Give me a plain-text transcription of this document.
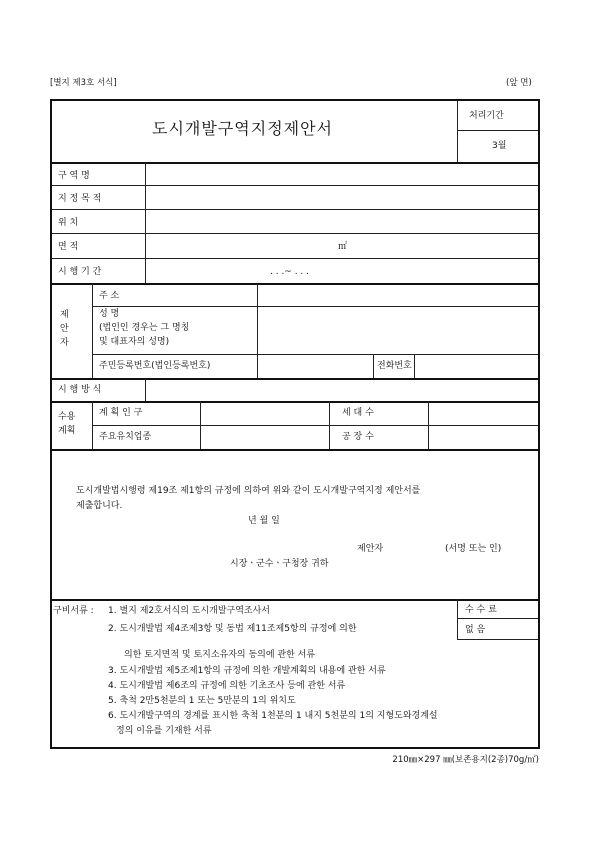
[별지 제3호 서식]	(앞 면)
도시개발구역지정제안서
처리기간
3월
구 역 명
지 정 목 적
위 치
면 적	㎡
시 행 기 간	. . .~ . . .
제
안
자
주 소
성 명
(법인인 경우는 그 명칭
및 대표자의 성명)
주민등록번호(법인등록번호)	전화번호
시 행 방 식
수용
계획
계 획 인 구	세 대 수
주요유치업종	공 장 수
도시개발법시행령 제19조 제1항의 규정에 의하여 위와 같이 도시개발구역지정 제안서를
제출합니다.
년 월 일
제안자	(서명 또는 인)
시장ㆍ군수ㆍ구청장 귀하
구비서류 : 1. 별지 제2호서식의 도시개발구역조사서
2. 도시개발법 제4조제3항 및 동법 제11조제5항의 규정에 의한
의한 토지면적 및 토지소유자의 동의에 관한 서류
3. 도시개발법 제5조제1항의 규정에 의한 개발계획의 내용에 관한 서류
4. 도시개발법 제6조의 규정에 의한 기초조사 등에 관한 서류
5. 축척 2만5천분의 1 또는 5만분의 1의 위치도
6. 도시개발구역의 경계를 표시한 축척 1천분의 1 내지 5천분의 1의 지형도와경계설
정의 이유를 기재한 서류
수 수 료
없 음
210㎜×297 ㎜(보존용지(2종)70g/㎡)
